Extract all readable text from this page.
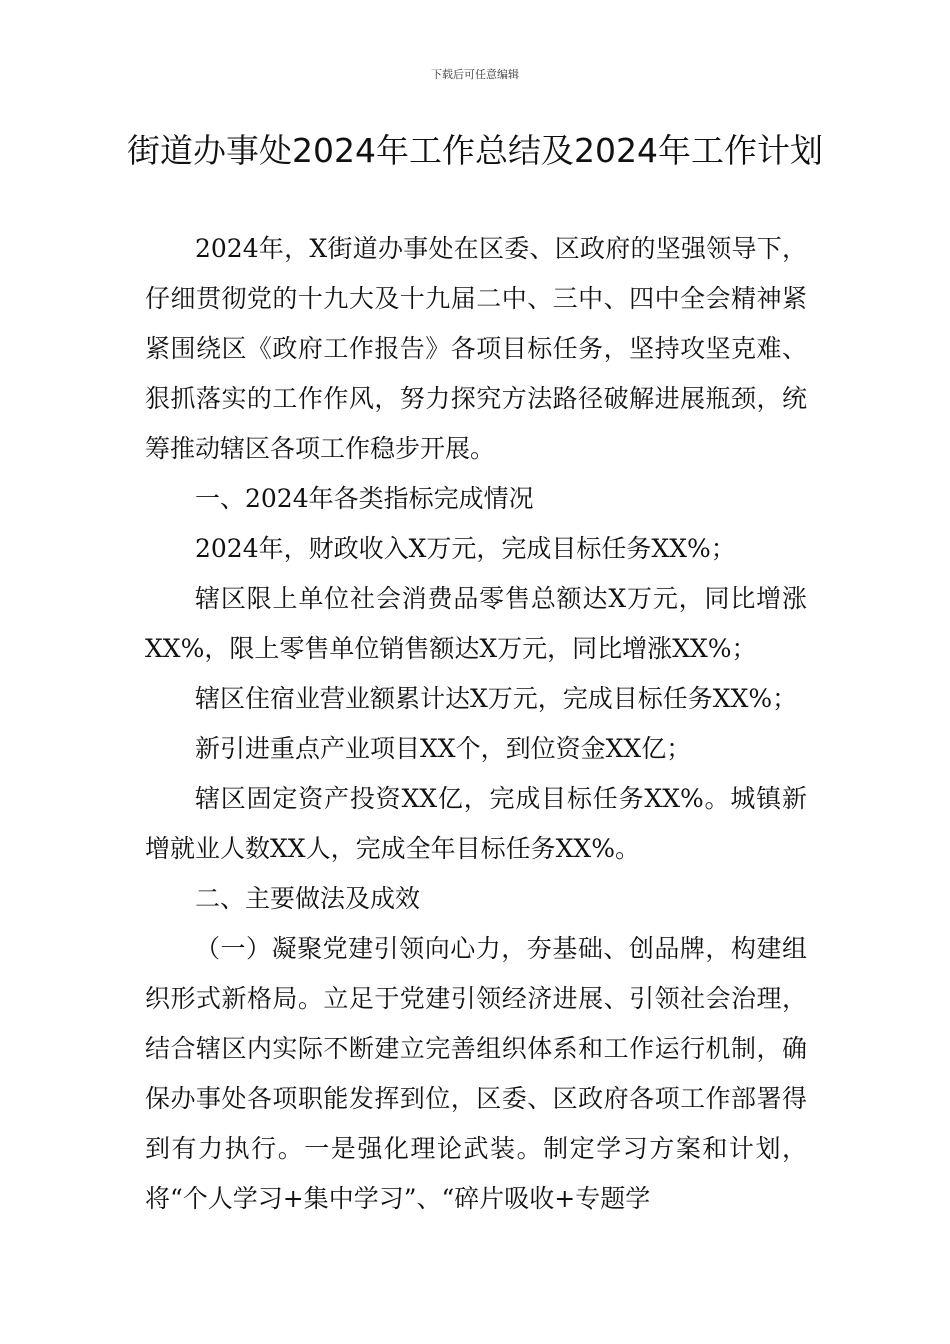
下载后可任意编辑
街道办事处2024年工作总结及2024年工作计划

2024年，X街道办事处在区委、区政府的坚强领导下，仔细贯彻党的十九大及十九届二中、三中、四中全会精神紧紧围绕区《政府工作报告》各项目标任务，坚持攻坚克难、狠抓落实的工作作风，努力探究方法路径破解进展瓶颈，统筹推动辖区各项工作稳步开展。

一、2024年各类指标完成情况

2024年，财政收入X万元，完成目标任务XX%；

辖区限上单位社会消费品零售总额达X万元，同比增涨XX%，限上零售单位销售额达X万元，同比增涨XX%；

辖区住宿业营业额累计达X万元，完成目标任务XX%；

新引进重点产业项目XX个，到位资金XX亿；

辖区固定资产投资XX亿，完成目标任务XX%。城镇新增就业人数XX人，完成全年目标任务XX%。

二、主要做法及成效

（一）凝聚党建引领向心力，夯基础、创品牌，构建组织形式新格局。立足于党建引领经济进展、引领社会治理，结合辖区内实际不断建立完善组织体系和工作运行机制，确保办事处各项职能发挥到位，区委、区政府各项工作部署得到有力执行。一是强化理论武装。制定学习方案和计划，将“个人学习+集中学习”、“碎片吸收+专题学
